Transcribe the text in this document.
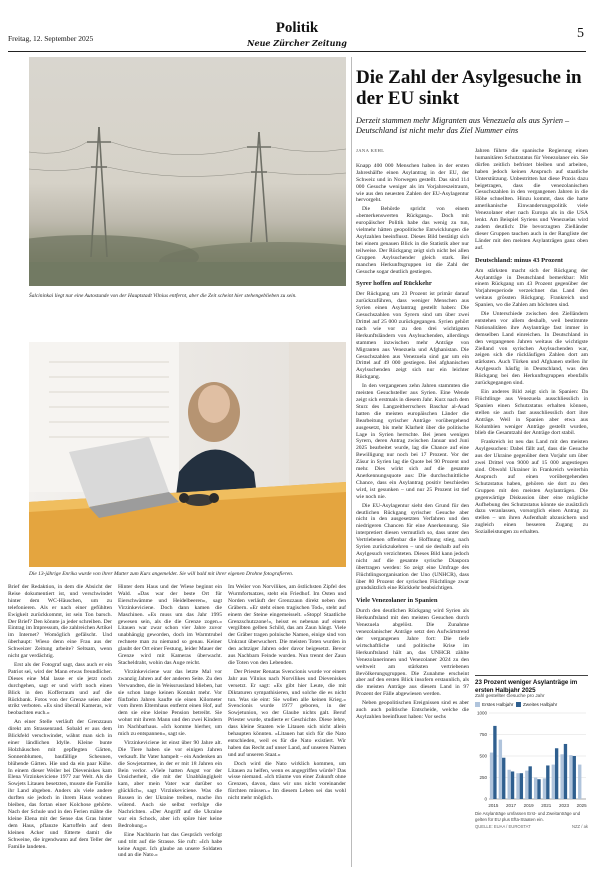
Freitag, 12. September 2025
Politik
Neue Zürcher Zeitung
5
Šalcininkai liegt nur eine Autostunde von der Hauptstadt Vilnius entfernt, aber die Zeit scheint hier stehengeblieben zu sein.
Die 13-jährige Enrika wurde von ihrer Mutter zum Kurs angemeldet. Sie will bald mit ihrer eigenen Drohne fotografieren.

Brief der Redaktion, in dem die Absicht der Reise dokumentiert ist, und verschwindet hinter dem WC-Häuschen, um zu telefonieren. Als er nach einer gefühlten Ewigkeit zurückkommt, ist sein Ton barsch. Der Brief? Den könnte ja jeder schreiben. Der Eintrag im Impressum, die zahlreichen Artikel im Internet? Womöglich gefälscht. Und überhaupt: Wieso denn eine Frau aus der Schweizer Zeitung arbeite? Seltsam, wenn nicht gar verdächtig.

Erst als der Fotograf sagt, dass auch er ein Patriot sei, wird der Mann etwas freundlicher. Dieses eine Mal lasse er sie jetzt noch durchgehen, sagt er und wirft noch einen Blick in den Kofferraum und auf die Rückbank. Fotos von der Grenze seien aber strikt verboten. «Es sind überall Kameras, wir beobachten euch.»

An einer Stelle verläuft der Grenzzaun direkt am Strassenrand. Sobald er aus dem Blickfeld verschwindet, wähnt man sich in einer ländlichen Idylle. Kleine bunte Holzhäuschen mit gepflegten Gärten, Sonnenblumen, baufällige Scheunen, blühende Gärten. Hie und da ein paar Kühe. In einem dieser Weiler bei Dieveniskes kam Elena Virzinkeviciene 1977 zur Welt. Als die Sowjets Litauen besetzten, musste die Familie ihr Land abgeben. Anders als viele andere durften sie jedoch in ihrem Haus wohnen bleiben, das fortan einer Kolchose gehörte. Nach der Schule und in den Ferien mähte die kleine Elena mit der Sense das Gras hinter dem Haus, pflanzte Kartoffeln auf dem kleinen Acker und fütterte damit die Schweine, die irgendwann auf dem Teller der Familie landeten.

Hinter dem Haus und der Wiese beginnt ein Wald. «Das war der beste Ort für Eierschwämme und Heidelbeeren», sagt Virzinkeviciene. Doch dann kamen die Maschinen. «Es muss um das Jahr 1995 gewesen sein, als die die Grenze zogen.» Litauen war zwar schon vier Jahre zuvor unabhängig geworden, doch im Warmtrubel rechnete man zu niemand so genau. Keiner glaubt der Ort einer Festung, leider Mauer der Grenze wird mit Kameras überwacht. Stacheldraht, wohin das Auge reicht.

Virzinkeviciene war das letzte Mal vor zwanzig Jahren auf der anderen Seite. Zu den Verwandten, die in Weissrussland blieben, hat sie schon lange keinen Kontakt mehr. Vor fünfzehn Jahren kaufte sie einen Kilometer vom ihrem Elternhaus entfernt einen Hof, auf dem sie eine kleine Pension betreibt. Sie wohnt mit ihrem Mann und den zwei Kindern im Nachbarhaus. «Ich komme hierher, um mich zu entspannen», sagt sie.

Virzinkeviciene ist einst über 90 Jahre alt. Die Tiere haben sie vor einigen Jahren verkauft. Ihr Vater hampelt – ein Andenken an die Sowjetarmee, in der er mit 18 Jahren ein Bein verlor. «Viele hatten Angst vor der Unsicherheit, die mit der Unabhängigkeit kam, aber mein Vater war darüber so glücklich», sagt Virzinkeviciene. Was die Russen in der Ukraine treiben, mache ihn wütend. Auch sie selbst verfolge die Nachrichten. «Der Angriff auf die Ukraine war ein Schock, aber ich spüre hier keine Bedrohung.»

Eine Nachbarin hat das Gespräch verfolgt und tritt auf die Strasse. Sie ruft: «Ich habe keine Angst. Ich glaube an unsere Soldaten und an die Nato.»

Im Weiler von Norvilikes, am östlichsten Zipfel des Wurmfortsatzes, steht ein Friedhof. Im Osten und Norden verläuft der Grenzzaun direkt neben den Gräbern. «Er steht einen tragischen Tod», steht auf einem der Steine eingemeisselt. «Stopp! Staatliche Grenzschutzzone!», heisst es nebenan auf einem vergilbten gelben Schild, das am Zaun hängt. Viele der Gräber tragen polnische Namen, einige sind von Unkraut überwuchert. Die meisten Toten wurden in den achtziger Jahren oder davor beigesetzt. Bevor aus Nachbarn Feinde wurden. Nun trennt der Zaun die Toten von den Lebenden.

Der Priester Renatas Svencionis wurde vor einem Jahr aus Vilnius nach Norvilikes und Dieveniskes versetzt. Er sagt: «Es gibt hier Leute, die mit Diktaturen sympathisieren, und solche die es nicht tun. Was sie eint: Sie wollen alle keinen Krieg.» Svencionis wurde 1977 geboren, in der Sowjetunion, wo der Glaube nichts galt. Beruf Priester wurde, studierte er Geschichte. Diese lehre, dass kleine Staaten wie Litauen sich nicht allein behaupten könnten. «Litauen hat sich für die Nato entschieden, weil es für die Nato existiert. Wir haben das Recht auf unser Land, auf unseren Namen und auf unseren Staat.»

Doch wird die Nato wirklich kommen, um Litauen zu helfen, wenn es angegriffen würde? Das wisse niemand. «Ich träume von einer Zukunft ohne Grenzen, davon, dass wir uns nicht voreinander fürchten müssen.» Im diesem Leben sei das wohl nicht mehr möglich.

Die Zahl der Asylgesuche in der EU sinkt
Derzeit stammen mehr Migranten aus Venezuela als aus Syrien – Deutschland ist nicht mehr das Ziel Nummer eins
JANA KEHL

Knapp 400 000 Menschen haben in der ersten Jahreshälfte einen Asylantrag in der EU, der Schweiz und in Norwegen gestellt. Das sind 114 000 Gesuche weniger als im Vorjahreszeitraum, wie aus den neuesten Zahlen der EU-Asylagentur hervorgeht.

Die Behörde spricht von einem «bemerkenswerten Rückgang». Doch mit europäischer Politik habe das wenig zu tun, vielmehr hätten geopolitische Entwicklungen die Asylzahlen beeinflusst. Dieses Bild bestätigt sich bei einem genauen Blick in die Statistik aber nur teilweise. Der Rückgang zeigt sich nicht bei allen Gruppen Asylsuchender gleich stark. Bei manchen Herkunftsgruppen ist die Zahl der Gesuche sogar deutlich gestiegen.

Syrer hoffen auf Rückkehr

Der Rückgang um 23 Prozent ist primär darauf zurückzuführen, dass weniger Menschen aus Syrien einen Asylantrag gestellt haben: Die Gesuchszahlen von Syrern sind um über zwei Drittel auf 25 000 zurückgegangen. Syrien gehört nach wie vor zu den drei wichtigsten Herkunftsländern von Asylsuchenden, allerdings stammen inzwischen mehr Anträge von Migranten aus Venezuela und Afghanistan. Die Gesuchszahlen aus Venezuela sind gar um ein Drittel auf 49 000 gestiegen. Bei afghanischen Asylsuchenden zeigt sich nur ein leichter Rückgang.

In den vergangenen zehn Jahren stammten die meisten Gesuchsteller aus Syrien. Eine Wende zeigt sich erstmals in diesem Jahr. Kurz nach dem Sturz des Langzeitherrschers Baschar al-Asad hatten die meisten europäischen Länder die Bearbeitung syrischer Anträge vorübergehend ausgesetzt, bis mehr Klarheit über die politische Lage in Syrien herrschte. Bei jenen wenigen Syrern, deren Antrag zwischen Januar und Juni 2025 bearbeitet wurde, lag die Chance auf eine Bewilligung nur noch bei 17 Prozent. Vor der Zäsur in Syrien lag die Quote bei 90 Prozent und mehr. Dies wirkt sich auf die gesamte Anerkennungsquote aus: Die durchschnittliche Chance, dass ein Asylantrag positiv beschieden wird, ist gesunken – und nur 25 Prozent ist tief wie noch nie.

Die EU-Asylagentur sieht den Grund für den deutlichen Rückgang syrischer Gesuche aber nicht in den ausgesetzten Verfahren und den niedrigeren Chancen für eine Anerkennung. Sie interpretiert diesen vermutlich so, dass unter den Vertriebenen offenbar die Hoffnung stieg, nach Syrien zurückzukehren – und sie deshalb auf ein Asylgesuch verzichteten. Dieses Bild kann jedoch nicht auf die gesamte syrische Diaspora übertragen werden: So zeigt eine Umfrage des Flüchtlingsorganisation der Uno (UNHCR), dass über 80 Prozent der syrischen Flüchtlinge zwar grundsätzlich eine Rückkehr beabsichtigen.

Viele Venezolaner in Spanien

Durch den deutlichen Rückgang wird Syrien als Herkunftsland mit den meisten Gesuchen durch Venezuela abgelöst. Die Zunahme venezolanischer Anträge setzt den Aufwärtstrend der vergangenen Jahre fort: Die tiefe wirtschaftliche und politische Krise im Herkunftsland hält an, das UNHCR zählte Venezolanerinnen und Venezolaner 2024 zu den weltweit am stärksten vertriebenen Bevölkerungsgruppen. Die Zunahme erscheint aber auf den ersten Blick insofern erstaunlich, als die meisten Anträge aus diesem Land in 97 Prozent der Fälle abgewiesen werden.

Neben geopolitischen Ereignissen sind es aber auch auch politische Entscheide, welche die Asylzahlen beeinflusst haben: Vor sechs

Jahren führte die spanische Regierung einen humanitären Schutzstatus für Venezolaner ein. Sie dürfen zeitlich befristet bleiben und arbeiten, haben jedoch keinen Anspruch auf staatliche Unterstützung. Unbestritten hat diese Praxis dazu beigetragen, dass die venezolanischen Gesuchszahlen in den vergangenen Jahren in die Höhe schnellten. Hinzu kommt, dass die harte amerikanische Einwanderungspolitik viele Venezolaner eher nach Europa als in die USA lenkt. Am Beispiel Syriens und Venezuelas wird zudem deutlich: Die bevorzugten Zielländer dieser Gruppen tauchen auch in der Rangliste der Länder mit den meisten Asylanträgen ganz oben auf.

Deutschland: minus 43 Prozent

Am stärksten macht sich der Rückgang der Asylanträge in Deutschland bemerkbar: Mit einem Rückgang um 43 Prozent gegenüber der Vorjahresperiode verzeichnet das Land den weitaus grössten Rückgang. Frankreich und Spanien, wo die Zahlen am höchsten sind.

Die Unterschiede zwischen den Zielländern entstehen vor allem deshalb, weil bestimmte Nationalitäten ihre Asylanträge fast immer in demselben Land einreichen. In Deutschland in den vergangenen Jahren weitaus die wichtigste Zielland von syrischen Asylsuchenden war, zeigen sich die rückläufigen Zahlen dort am stärksten. Auch Türken und Afghanen stellen ihr Asylgesuch häufig in Deutschland, was den Rückgang bei den Herkunftsgruppen ebenfalls zurückgegangen sind.

Ein anderes Bild zeigt sich in Spanien: Da Flüchtlinge aus Venezuela ausschliesslich in Spanien einen Schutzstatus erhalten können, stellen sie auch fast ausschliesslich dort ihre Anträge. Weil in Spanien aber etwa aus Kolumbien weniger Anträge gestellt wurden, blieb die Gesamtzahl der Anträge dort stabil.

Frankreich ist neu das Land mit den meisten Asylgesuchen: Dabei fällt auf, dass die Gesuche aus der Ukraine gegenüber dem Vorjahr um über zwei Drittel von 9000 auf 15 000 angestiegen sind. Obwohl Ukrainer in Frankreich weiterhin Anspruch auf einen vorübergehenden Schutzstatus haben, gehören sie dort zu den Gruppen mit den meisten Asylanträgen. Die gegenwärtige Diskussion über eine mögliche Aufhebung des Schutzstatus könnte sie zusätzlich dazu veranlassen, vorsorglich einen Antrag zu stellen – um ihren Aufenthalt abzusichern und zugleich einen besseren Zugang zu Sozialleistungen zu erhalten.

23 Prozent weniger Asylanträge im ersten Halbjahr 2025
Zahl gestellter Gesuche pro Jahr
Erstes Halbjahr Zweites Halbjahr
0
250
500
750
1000
2015 2017 2019 2021 2023 2025
Die Asylanträge umfassen Erst- und Zweitanträge und gelten für EU plus Efta-Staaten ein.
QUELLE: EUAA / EUROSTAT	NZZ / ak
